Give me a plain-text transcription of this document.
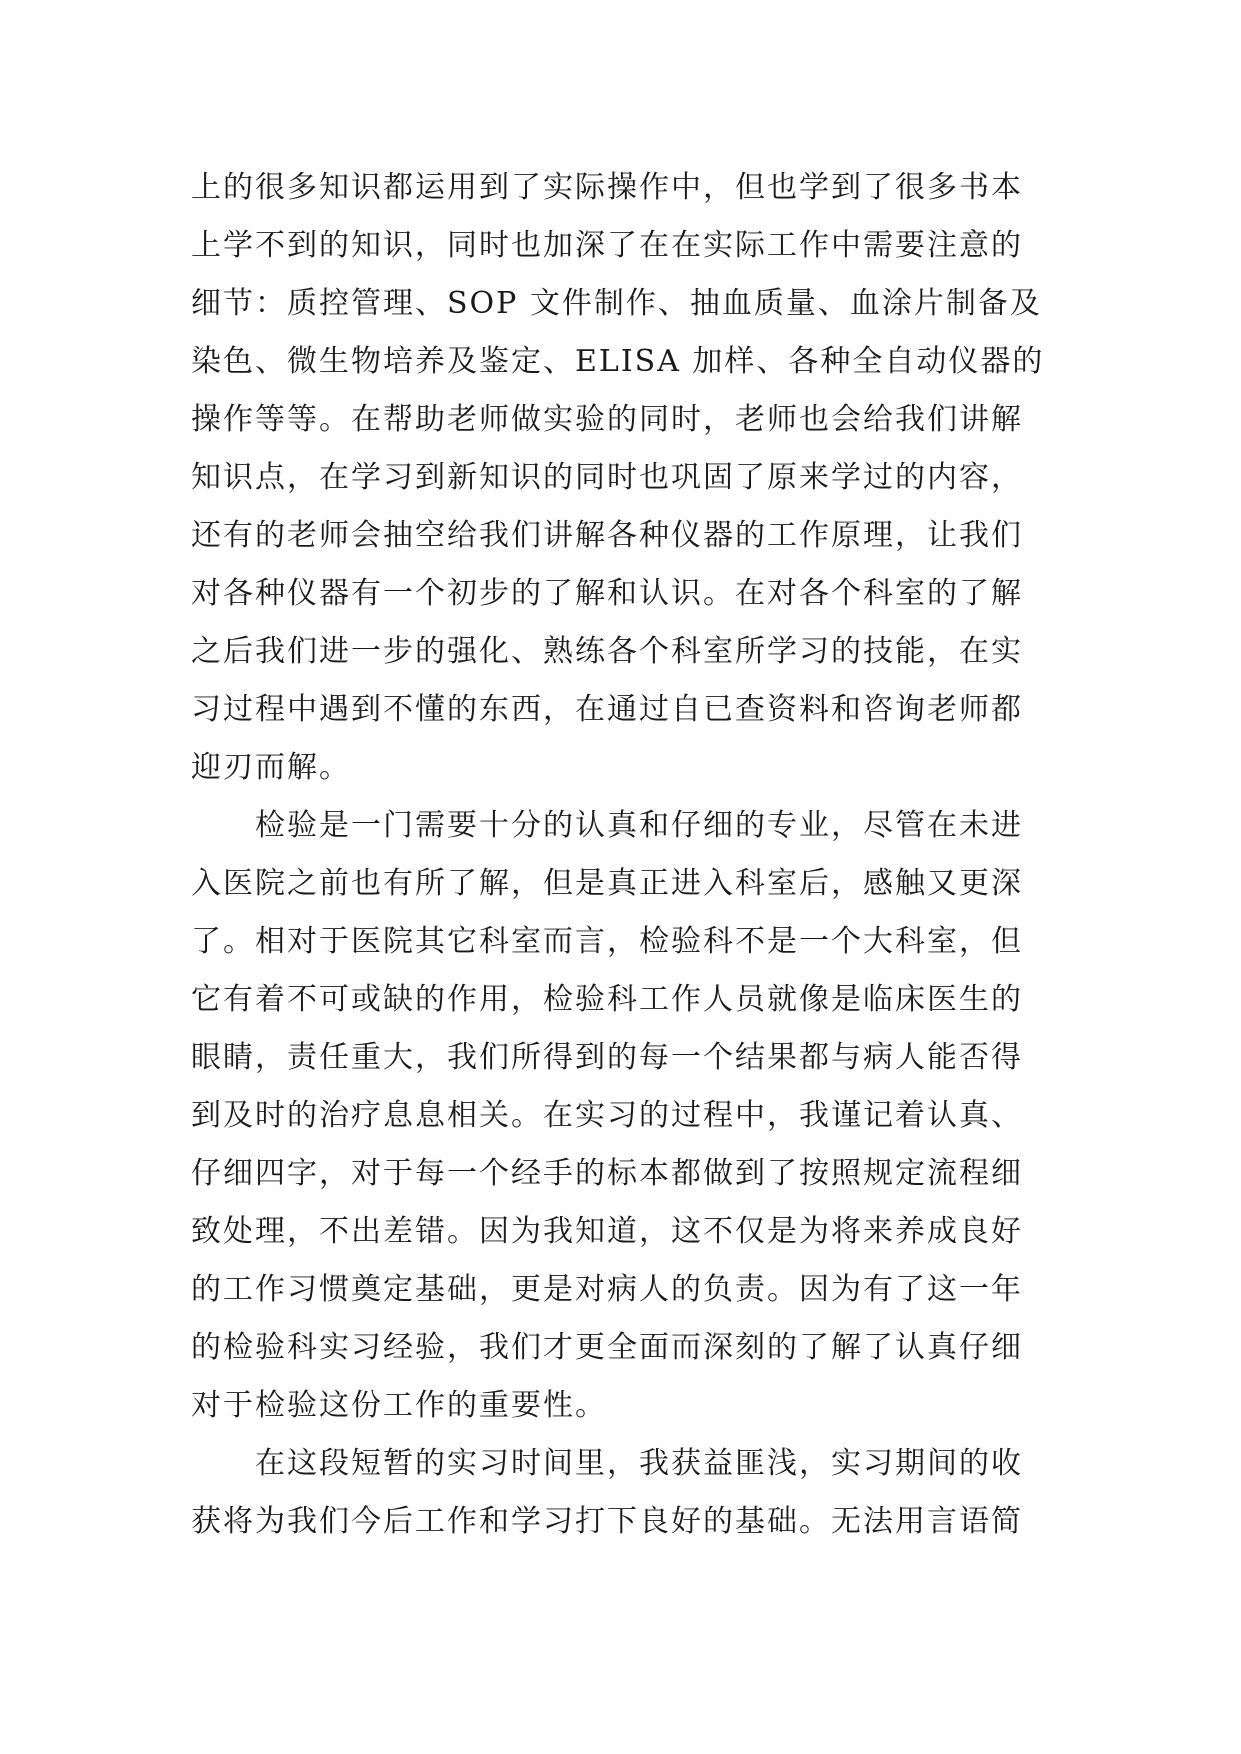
上的很多知识都运用到了实际操作中，但也学到了很多书本
上学不到的知识，同时也加深了在在实际工作中需要注意的
细节：质控管理、SOP 文件制作、抽血质量、血涂片制备及
染色、微生物培养及鉴定、ELISA 加样、各种全自动仪器的
操作等等。在帮助老师做实验的同时，老师也会给我们讲解
知识点，在学习到新知识的同时也巩固了原来学过的内容，
还有的老师会抽空给我们讲解各种仪器的工作原理，让我们
对各种仪器有一个初步的了解和认识。在对各个科室的了解
之后我们进一步的强化、熟练各个科室所学习的技能，在实
习过程中遇到不懂的东西，在通过自已查资料和咨询老师都
迎刃而解。
检验是一门需要十分的认真和仔细的专业，尽管在未进
入医院之前也有所了解，但是真正进入科室后，感触又更深
了。相对于医院其它科室而言，检验科不是一个大科室，但
它有着不可或缺的作用，检验科工作人员就像是临床医生的
眼睛，责任重大，我们所得到的每一个结果都与病人能否得
到及时的治疗息息相关。在实习的过程中，我谨记着认真、
仔细四字，对于每一个经手的标本都做到了按照规定流程细
致处理，不出差错。因为我知道，这不仅是为将来养成良好
的工作习惯奠定基础，更是对病人的负责。因为有了这一年
的检验科实习经验，我们才更全面而深刻的了解了认真仔细
对于检验这份工作的重要性。
在这段短暂的实习时间里，我获益匪浅，实习期间的收
获将为我们今后工作和学习打下良好的基础。无法用言语简
